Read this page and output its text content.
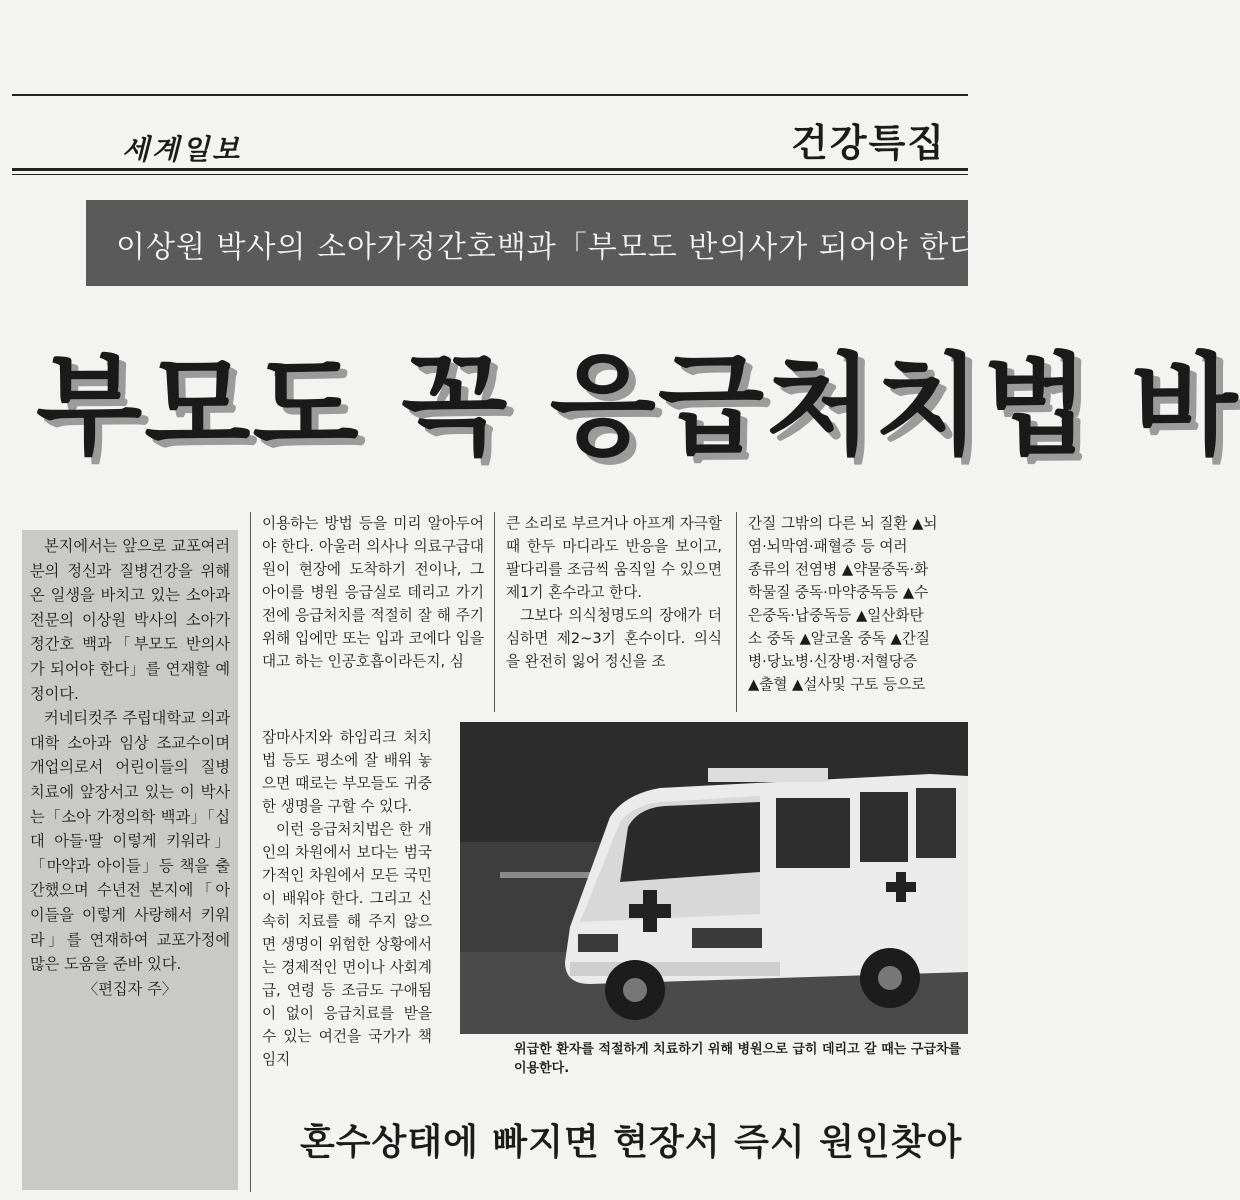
세계일보	건강특집
이상원 박사의 소아가정간호백과「부모도 반의사가 되어야 한다」
부모도 꼭 응급처치법 바

본지에서는 앞으로 교포여러분의 정신과 질병건강을 위해 온 일생을 바치고 있는 소아과 전문의 이상원 박사의 소아가정간호 백과「부모도 반의사가 되어야 한다」를 연재할 예정이다.

커네티컷주 주립대학교 의과대학 소아과 임상 조교수이며 개업의로서 어린이들의 질병치료에 앞장서고 있는 이 박사는「소아 가정의학 백과」「십대 아들·딸 이렇게 키워라」「마약과 아이들」등 책을 출간했으며 수년전 본지에「아이들을 이렇게 사랑해서 키워라」를 연재하여 교포가정에 많은 도움을 준바 있다.

〈편집자 주〉

이용하는 방법 등을 미리 알아두어야 한다. 아울러 의사나 의료구급대원이 현장에 도착하기 전이나, 그 아이를 병원 응급실로 데리고 가기 전에 응급처치를 적절히 잘 해 주기 위해 입에만 또는 입과 코에다 입을 대고 하는 인공호흡이라든지, 심

잠마사지와 하임리크 처치법 등도 평소에 잘 배워 놓으면 때로는 부모들도 귀중한 생명을 구할 수 있다.

이런 응급처치법은 한 개인의 차원에서 보다는 범국가적인 차원에서 모든 국민이 배워야 한다. 그리고 신속히 치료를 해 주지 않으면 생명이 위험한 상황에서는 경제적인 면이나 사회계급, 연령 등 조금도 구애됨이 없이 응급치료를 받을 수 있는 여건을 국가가 책임지

큰 소리로 부르거나 아프게 자극할 때 한두 마디라도 반응을 보이고, 팔다리를 조금씩 움직일 수 있으면 제1기 혼수라고 한다.

그보다 의식청명도의 장애가 더 심하면 제2~3기 혼수이다. 의식을 완전히 잃어 정신을 조

간질 그밖의 다른 뇌 질환 ▲뇌
염·뇌막염·패혈증 등 여러
종류의 전염병 ▲약물중독·화
학물질 중독·마약중독등 ▲수
은중독·납중독등 ▲일산화탄
소 중독 ▲알코올 중독 ▲간질
병·당뇨병·신장병·저혈당증
▲출혈 ▲설사및 구토 등으로
위급한 환자를 적절하게 치료하기 위해 병원으로 급히 데리고 갈 때는 구급차를 이용한다.
혼수상태에 빠지면 현장서 즉시 원인찾아
